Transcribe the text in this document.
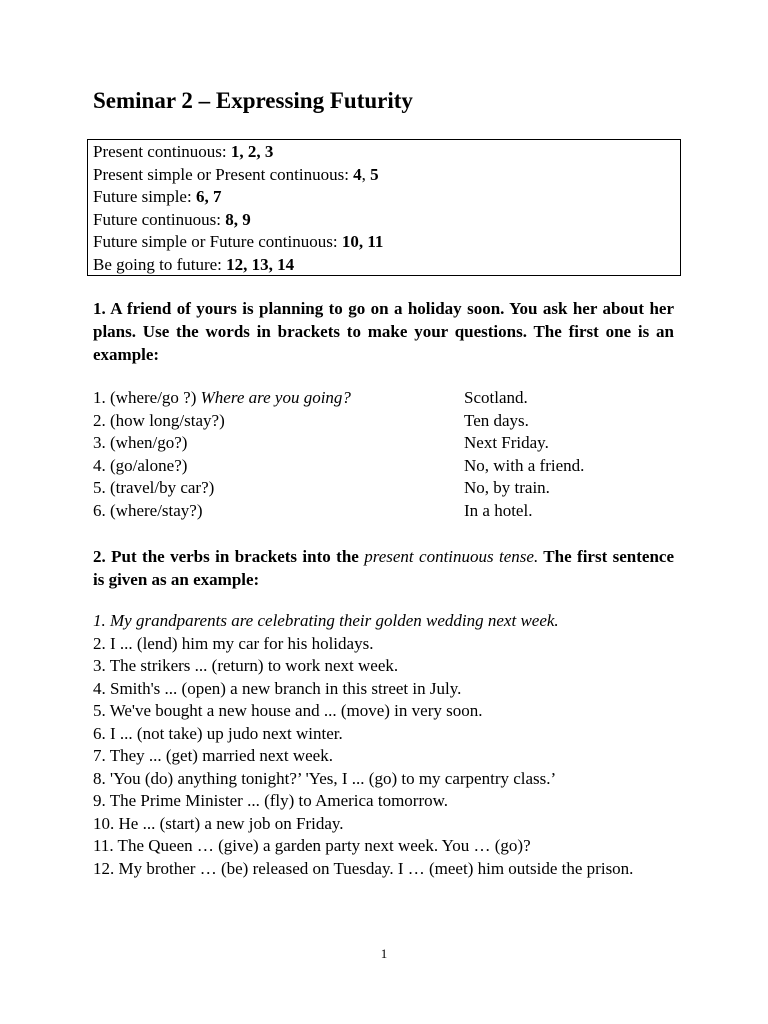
Seminar 2 – Expressing Futurity
Present continuous: 1, 2, 3
Present simple or Present continuous: 4, 5
Future simple: 6, 7
Future continuous: 8, 9
Future simple or Future continuous: 10, 11
Be going to future: 12, 13, 14
1. A friend of yours is planning to go on a holiday soon. You ask her about her plans. Use the words in brackets to make your questions. The first one is an example:
1. (where/go ?) Where are you going?	Scotland.
2. (how long/stay?)	Ten days.
3. (when/go?)	Next Friday.
4. (go/alone?)	No, with a friend.
5. (travel/by car?)	No, by train.
6. (where/stay?)	In a hotel.
2. Put the verbs in brackets into the present continuous tense. The first sentence is given as an example:
1. My grandparents are celebrating their golden wedding next week.
2. I ... (lend) him my car for his holidays.
3. The strikers ... (return) to work next week.
4. Smith's ... (open) a new branch in this street in July.
5. We've bought a new house and ... (move) in very soon.
6. I ... (not take) up judo next winter.
7. They ... (get) married next week.
8. 'You (do) anything tonight?’ 'Yes, I ... (go) to my carpentry class.’
9. The Prime Minister ... (fly) to America tomorrow.
10. He ... (start) a new job on Friday.
11. The Queen … (give) a garden party next week. You … (go)?
12. My brother … (be) released on Tuesday. I … (meet) him outside the prison.
1
